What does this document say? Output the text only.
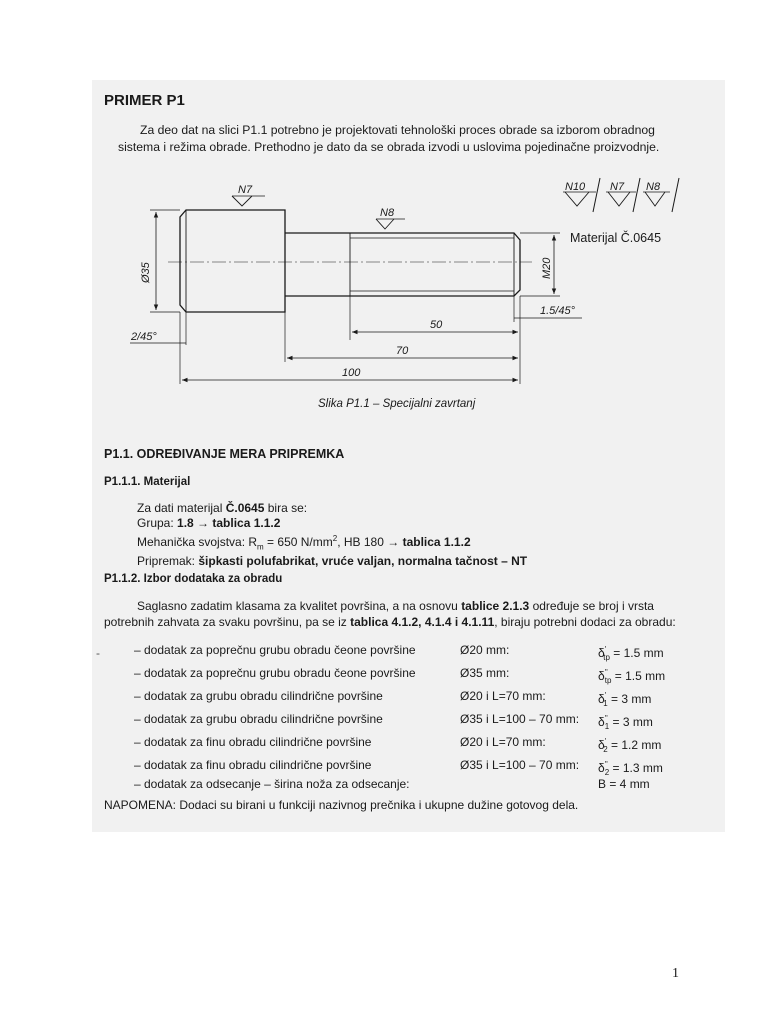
PRIMER P1
Za deo dat na slici P1.1 potrebno je projektovati tehnološki proces obrade sa izborom obradnog
sistema i režima obrade. Prethodno je dato da se obrada izvodi u uslovima pojedinačne proizvodnje.
N7
N8
N10 N7 N8
Materijal Č.0645
Ø35	M20
1.5/45°
50
2/45°
70
100
Slika P1.1 – Specijalni zavrtanj
P1.1. ODREĐIVANJE MERA PRIPREMKA
P1.1.1. Materijal
Za dati materijal Č.0645 bira se:
Grupa: 1.8 → tablica 1.1.2
Mehanička svojstva: $R_m = 650$ $N/mm^2$, HB 180 → tablica 1.1.2
Pripremak: šipkasti polufabrikat, vruće valjan, normalna tačnost – NT
P1.1.2. Izbor dodataka za obradu
Saglasno zadatim klasama za kvalitet površina, a na osnovu tablice 2.1.3 određuje se broj i vrsta
potrebnih zahvata za svaku površinu, pa se iz tablica 4.1.2, 4.1.4 i 4.1.11, biraju potrebni dodaci za obradu:
-	– dodatak za poprečnu grubu obradu čeone površine	Ø20 mm:	$\delta'_{tp} = 1.5$ mm
– dodatak za poprečnu grubu obradu čeone površine	Ø35 mm:	$\delta''_{tp} = 1.5$ mm
– dodatak za grubu obradu cilindrične površine	Ø20 i L=70 mm:	$\delta'_1 = 3$ mm
– dodatak za grubu obradu cilindrične površine	Ø35 i L=100 – 70 mm: $\delta''_1 = 3$ mm
– dodatak za finu obradu cilindrične površine	Ø20 i L=70 mm:	$\delta'_2 = 1.2$ mm
– dodatak za finu obradu cilindrične površine	Ø35 i L=100 – 70 mm: $\delta''_2 = 1.3$ mm
– dodatak za odsecanje – širina noža za odsecanje:	B = 4 mm
NAPOMENA: Dodaci su birani u funkciji nazivnog prečnika i ukupne dužine gotovog dela.
1
